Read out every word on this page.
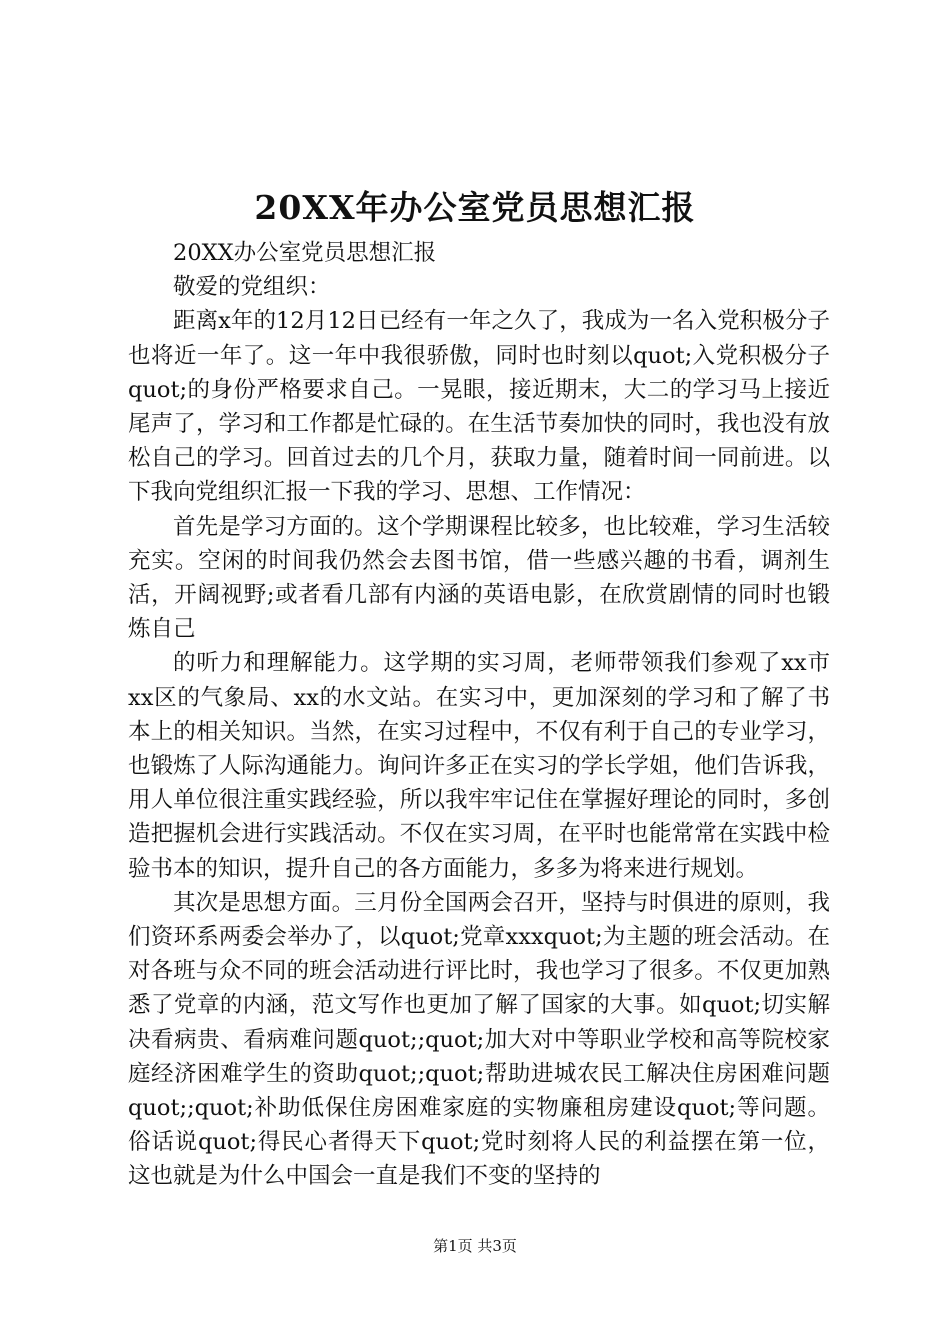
20XX年办公室党员思想汇报

20XX办公室党员思想汇报

敬爱的党组织：

距离x年的12月12日已经有一年之久了，我成为一名入党积极分子也将近一年了。这一年中我很骄傲，同时也时刻以quot;入党积极分子quot;的身份严格要求自己。一晃眼，接近期末，大二的学习马上接近尾声了，学习和工作都是忙碌的。在生活节奏加快的同时，我也没有放松自己的学习。回首过去的几个月，获取力量，随着时间一同前进。以下我向党组织汇报一下我的学习、思想、工作情况：

首先是学习方面的。这个学期课程比较多，也比较难，学习生活较充实。空闲的时间我仍然会去图书馆，借一些感兴趣的书看，调剂生活，开阔视野;或者看几部有内涵的英语电影，在欣赏剧情的同时也锻炼自己

的听力和理解能力。这学期的实习周，老师带领我们参观了xx市xx区的气象局、xx的水文站。在实习中，更加深刻的学习和了解了书本上的相关知识。当然，在实习过程中，不仅有利于自己的专业学习，也锻炼了人际沟通能力。询问许多正在实习的学长学姐，他们告诉我，用人单位很注重实践经验，所以我牢牢记住在掌握好理论的同时，多创造把握机会进行实践活动。不仅在实习周，在平时也能常常在实践中检验书本的知识，提升自己的各方面能力，多多为将来进行规划。

其次是思想方面。三月份全国两会召开，坚持与时俱进的原则，我们资环系两委会举办了，以quot;党章xxxquot;为主题的班会活动。在对各班与众不同的班会活动进行评比时，我也学习了很多。不仅更加熟悉了党章的内涵，范文写作也更加了解了国家的大事。如quot;切实解决看病贵、看病难问题quot;;quot;加大对中等职业学校和高等院校家庭经济困难学生的资助quot;;quot;帮助进城农民工解决住房困难问题quot;;quot;补助低保住房困难家庭的实物廉租房建设quot;等问题。俗话说quot;得民心者得天下quot;党时刻将人民的利益摆在第一位，这也就是为什么中国会一直是我们不变的坚持的

第1页 共3页
